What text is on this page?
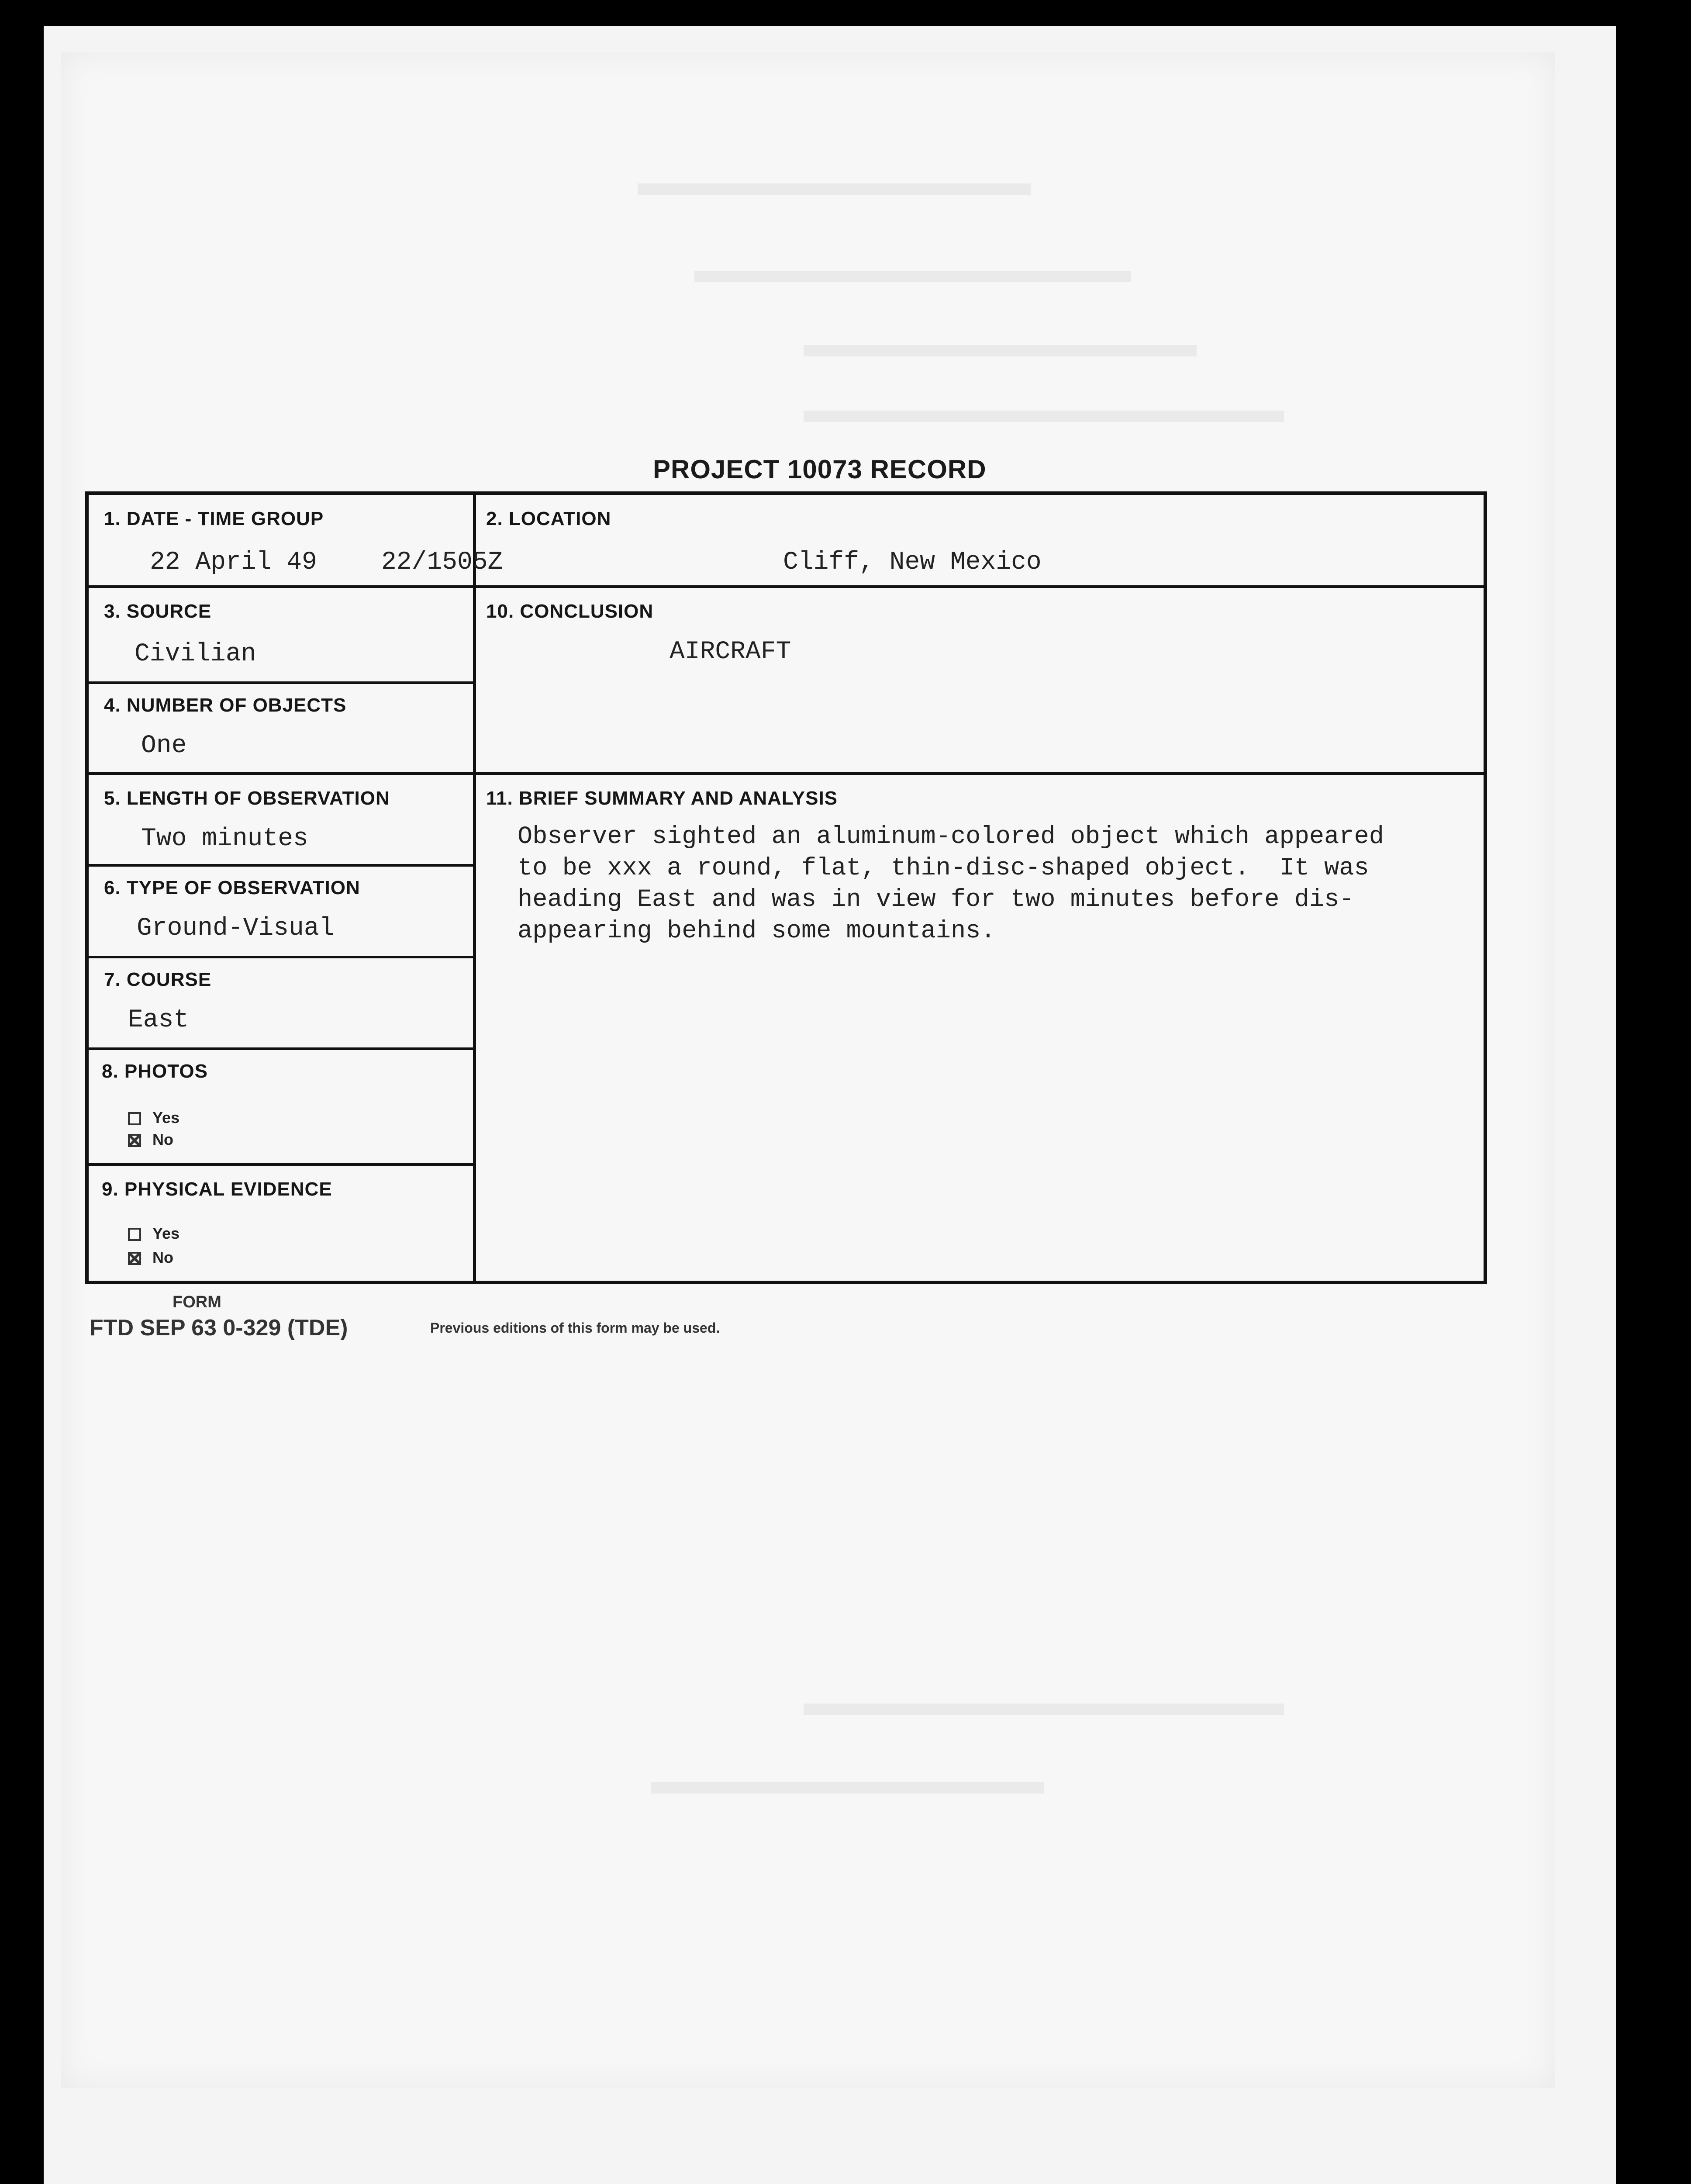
PROJECT 10073 RECORD
1. DATE - TIME GROUP
22 April 49	22/1505Z
2. LOCATION
Cliff, New Mexico
3. SOURCE
Civilian
10. CONCLUSION
AIRCRAFT
4. NUMBER OF OBJECTS
One
5. LENGTH OF OBSERVATION
Two minutes
11. BRIEF SUMMARY AND ANALYSIS
6. TYPE OF OBSERVATION
Ground-Visual
7. COURSE
East
8. PHOTOS
Yes
No
9. PHYSICAL EVIDENCE
Yes
No

Observer sighted an aluminum-colored object which appeared

to be xxx a round, flat, thin-disc-shaped object.  It was

heading East and was in view for two minutes before dis-

appearing behind some mountains.

FORM
FTD SEP 63 0-329 (TDE)	Previous editions of this form may be used.
